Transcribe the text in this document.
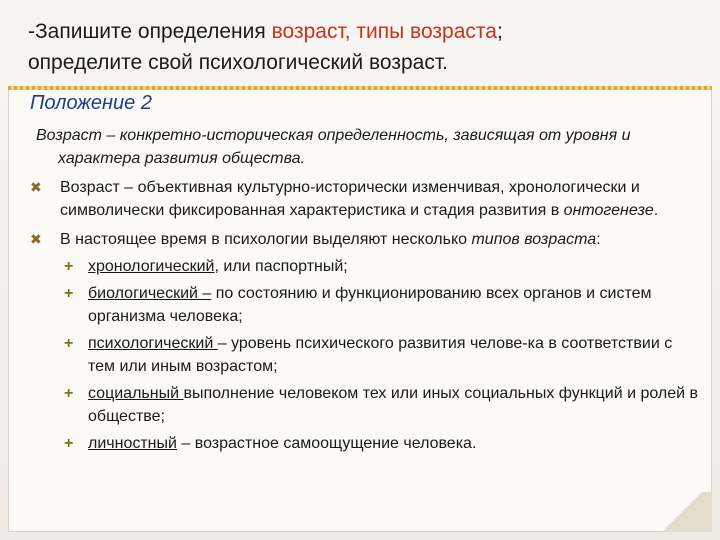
-Запишите определения возраст, типы возраста;
определите свой психологический возраст.
Положение 2
Возраст – конкретно-историческая определенность, зависящая от уровня и характера развития общества.
✖ Возраст – объективная культурно-исторически изменчивая, хронологически и символически фиксированная характеристика и стадия развития в онтогенезе.
✖ В настоящее время в психологии выделяют несколько типов возраста:
+ хронологический, или паспортный;
+ биологический – по состоянию и функционированию всех органов и систем организма человека;
+ психологический – уровень психического развития челове-ка в соответствии с тем или иным возрастом;
+ социальный выполнение человеком тех или иных социальных функций и ролей в обществе;
+ личностный – возрастное самоощущение человека.
